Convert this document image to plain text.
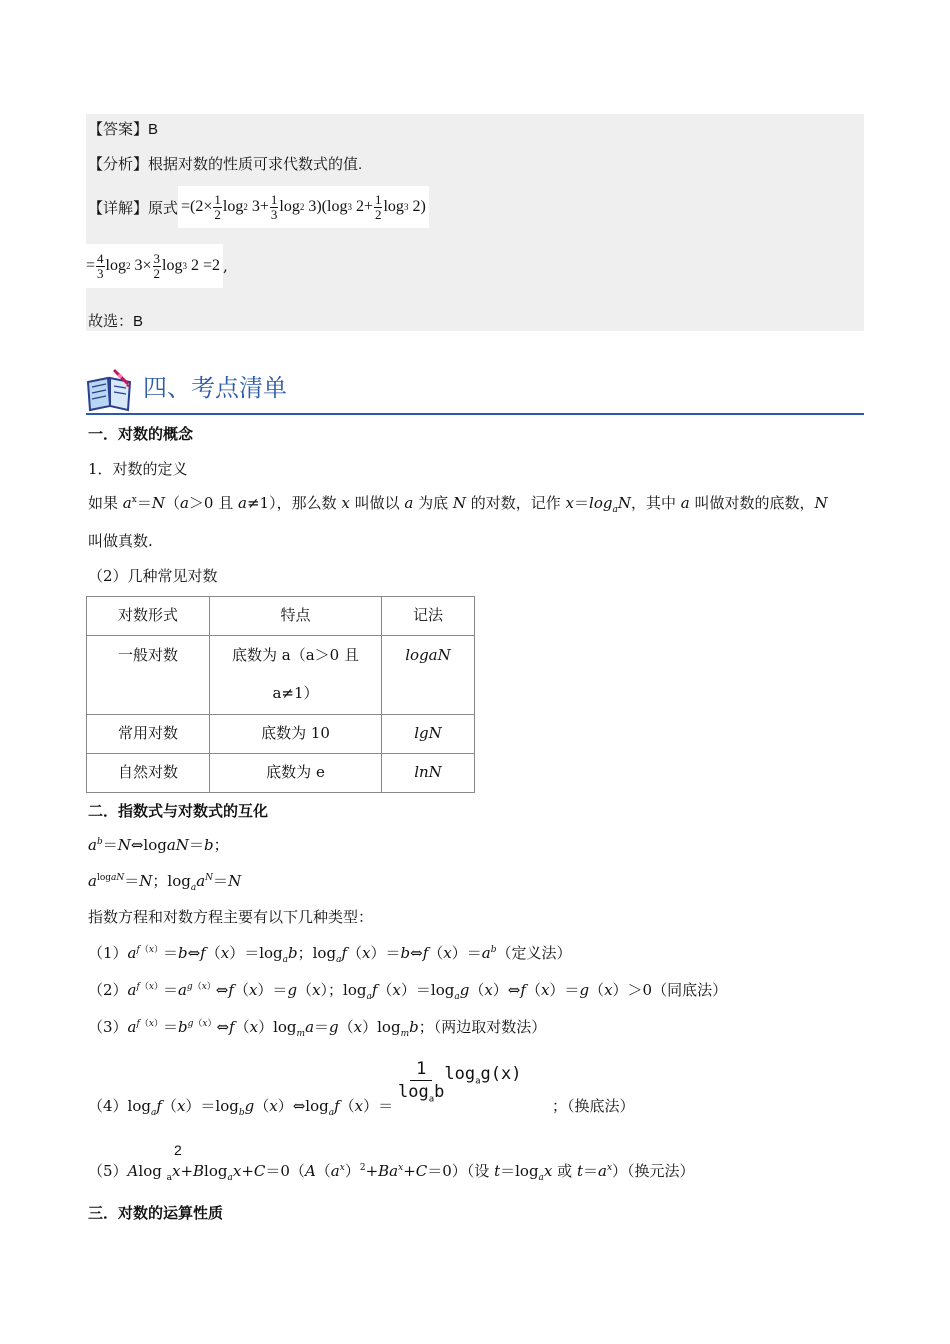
【答案】B
【分析】根据对数的性质可求代数式的值.
【详解】 原式 $=(2\times \frac{1}{2}$ log 2 $3+ \frac{1}{3}$ log 2 3)(log 3 $2+ \frac{1}{2}$ log 3 2)
= $\frac{4}{3}$ log 2 $3\times \frac{3}{2}$ log 3 2 =2 ,
故选：B
四、考点清单
一．对数的概念
1．对数的定义
如果 $a^x=N(a>0$ 且 a≠1），那么数 x 叫做以 a 为底 N 的对数，记作 $x=\log_aN$，其中 a 叫做对数的底数，N
叫做真数.
（2）几种常见对数
对数形式	特点	记法
一般对数	底数为 a（a＞0 且
a≠1）	logaN
常用对数	底数为 10	lgN
自然对数	底数为 e	lnN
二．指数式与对数式的互化
$a^b=N\Leftrightarrow logaN=b$；
$a^{logaN}=N$；$\log_aa^N=N$
指数方程和对数方程主要有以下几种类型：
$(1)a^{f(x)}=b\Leftrightarrow f(x)=\log_ab$；$\log_af(x)=b\Leftrightarrow f(x)=a^b$（定义法）
$(2)a^{f(x)}=a^{g(x)}\Leftrightarrow f(x)=g(x)$；$\log_af(x)=\log_ag(x)\Leftrightarrow f(x)=g(x)>0$（同底法）
$(3)a^{f(x)}=b^{g(x)}\Leftrightarrow f(x)\log_ma=g(x)\log_mb$；（两边取对数法）
$(4)\log_af(x)=\log_bg(x)\Leftrightarrow\log_af(x)= \frac{1}{\log_ab} \log_ag(x)$
；（换底法）
2
（5）Alog $_ax+Blog_ax+C=0(A(a^x)^2+Ba^x+C=0)$（设 $t=\log_ax$ 或 $t=a^x$）（换元法）
三．对数的运算性质
